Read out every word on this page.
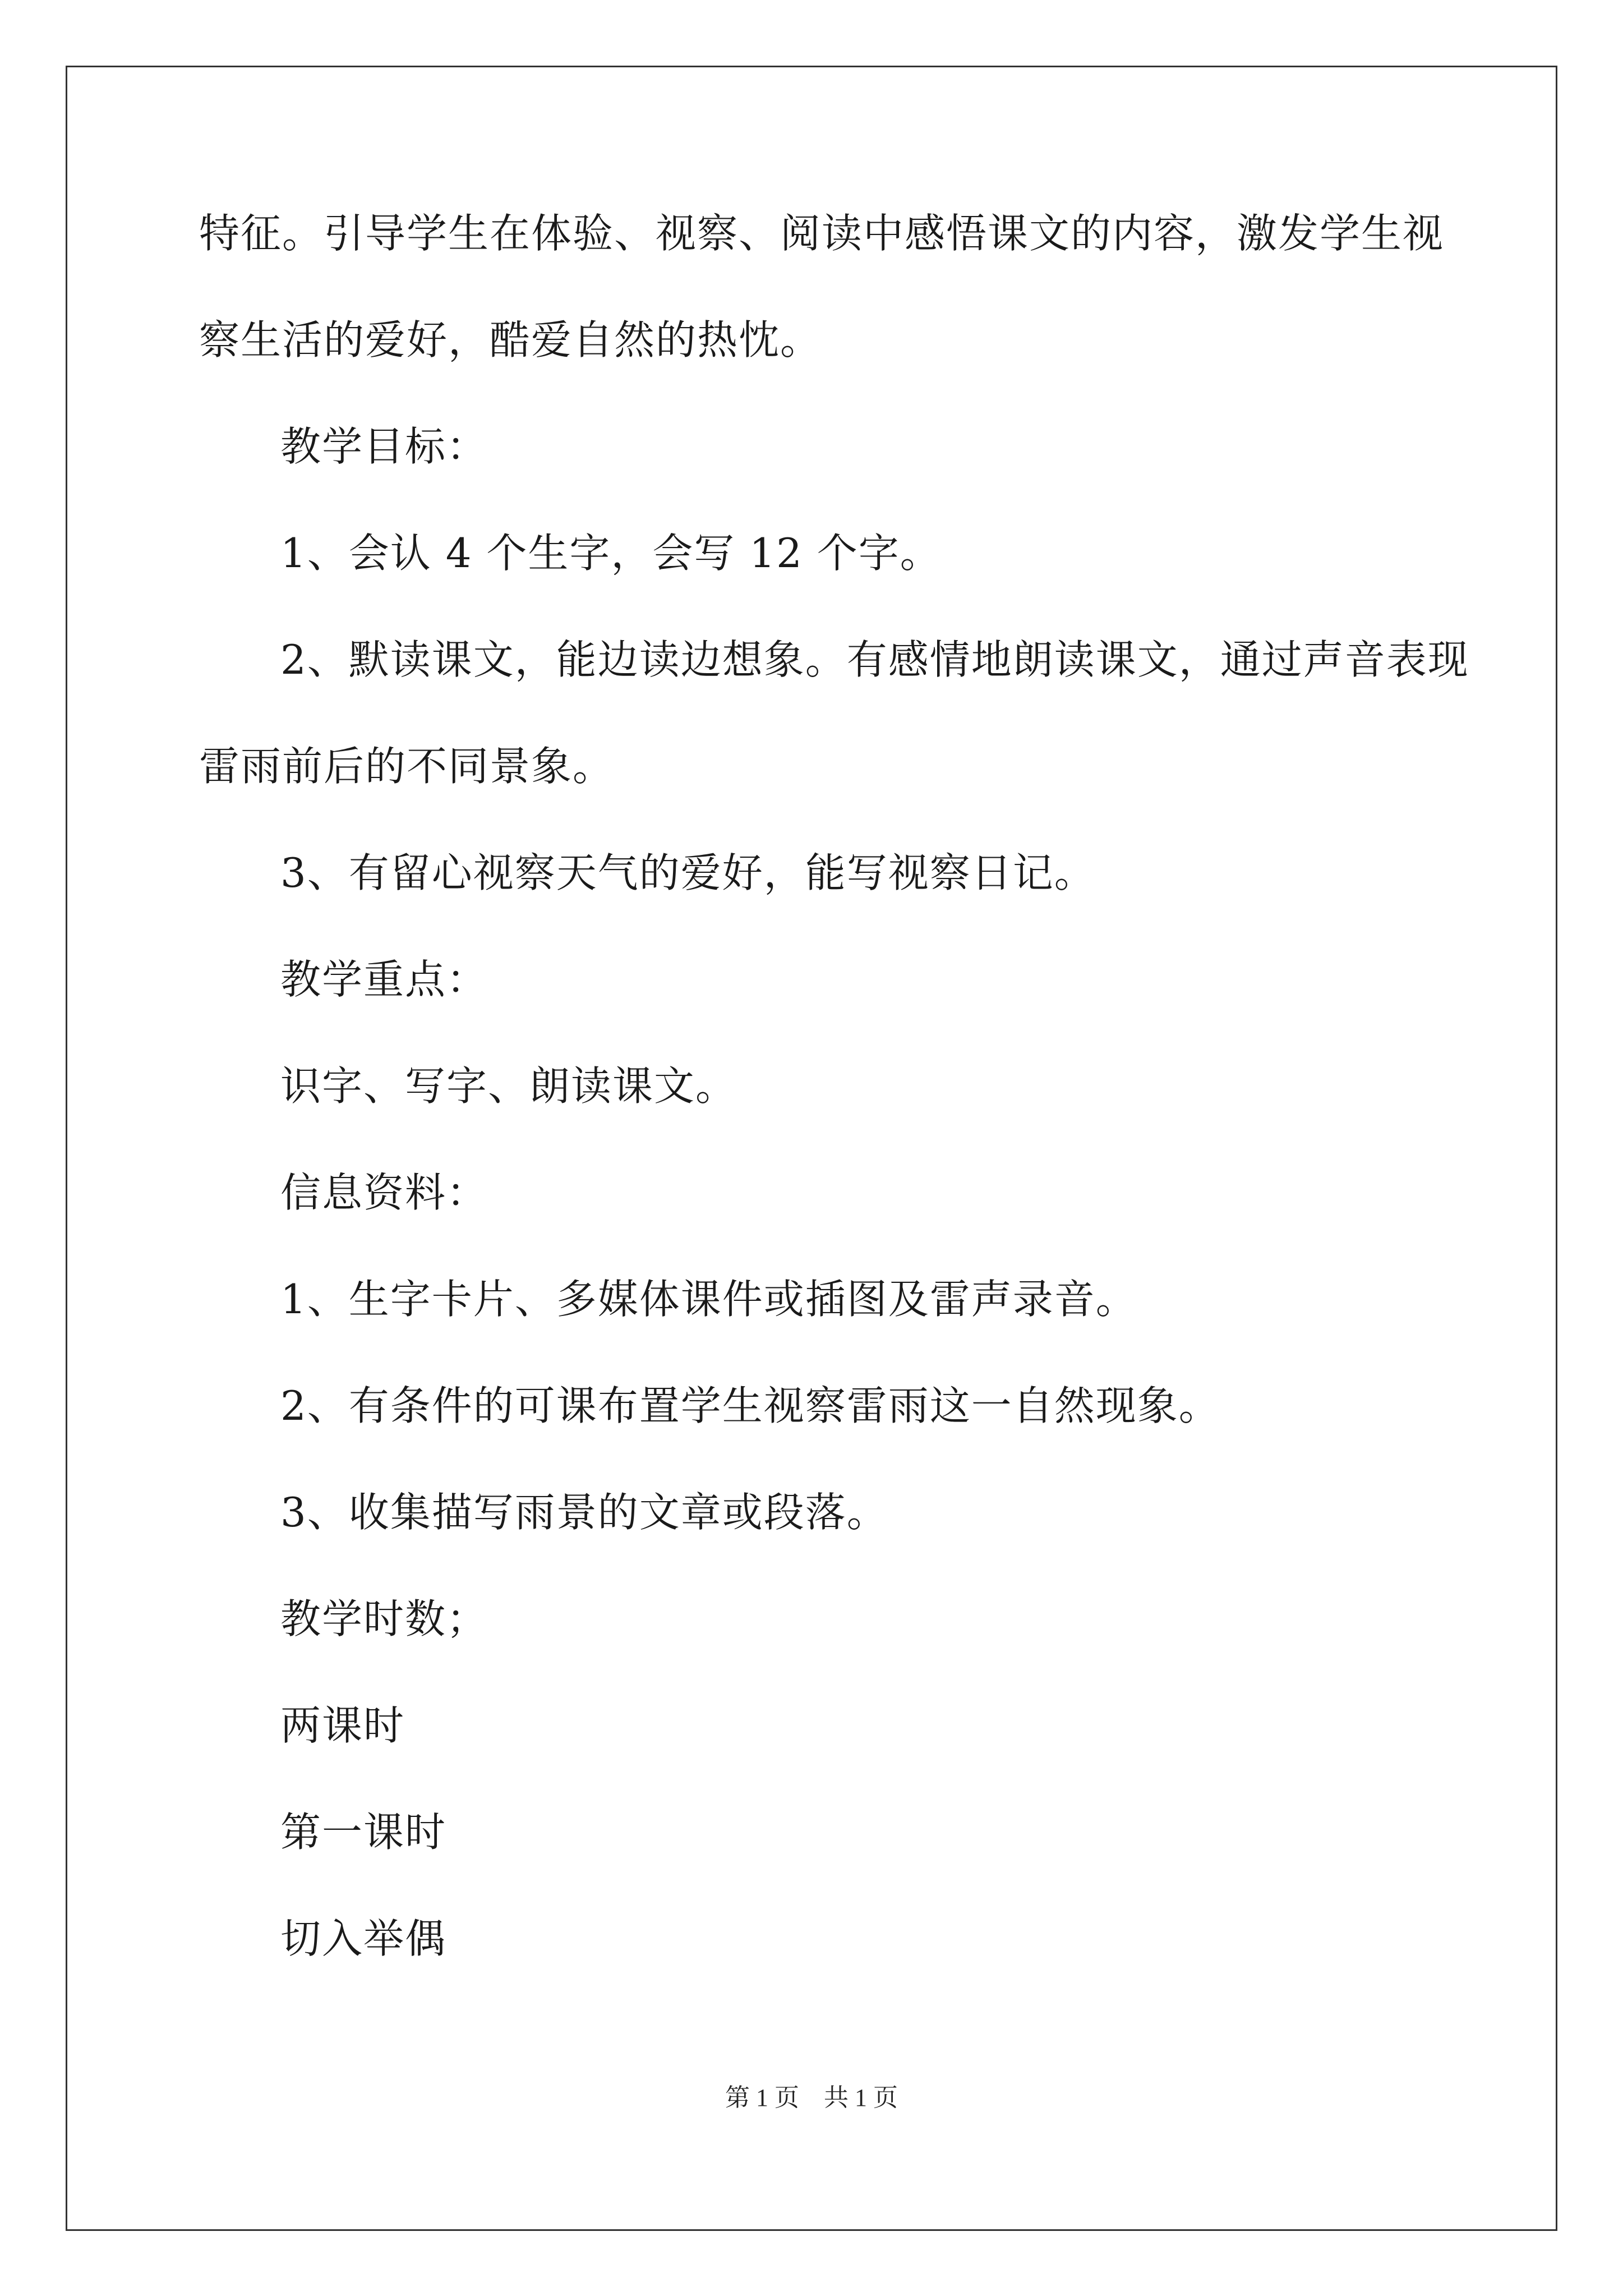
特征。引导学生在体验、视察、阅读中感悟课文的内容，激发学生视
察生活的爱好，酷爱自然的热忱。
教学目标：
1、会认 4 个生字，会写 12 个字。
2、默读课文，能边读边想象。有感情地朗读课文，通过声音表现
雷雨前后的不同景象。
3、有留心视察天气的爱好，能写视察日记。
教学重点：
识字、写字、朗读课文。
信息资料：
1、生字卡片、多媒体课件或插图及雷声录音。
2、有条件的可课布置学生视察雷雨这一自然现象。
3、收集描写雨景的文章或段落。
教学时数；
两课时
第一课时
切入举偶
第 1 页 共 1 页
